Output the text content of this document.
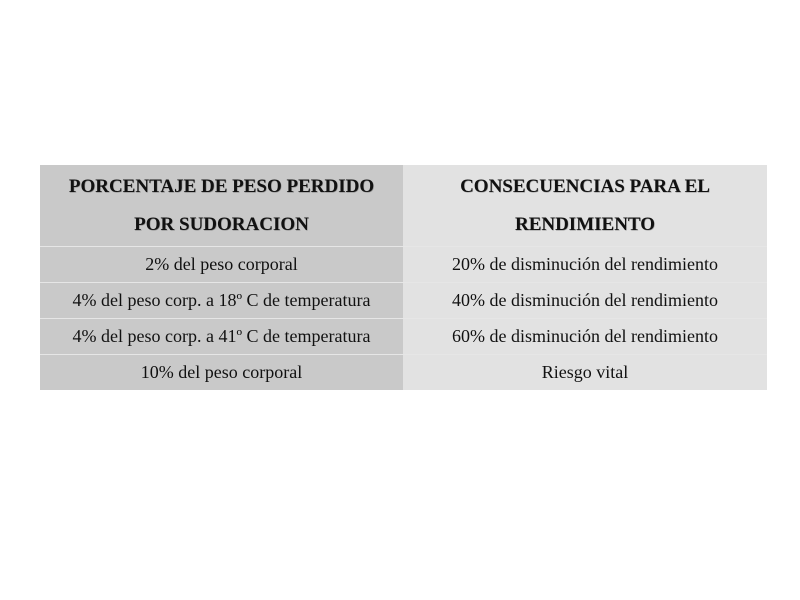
PORCENTAJE DE PESO PERDIDO POR SUDORACION	CONSECUENCIAS PARA EL RENDIMIENTO
2% del peso corporal	20% de disminución del rendimiento
4% del peso corp. a 18º C de temperatura	40% de disminución del rendimiento
4% del peso corp. a 41º C de temperatura	60% de disminución del rendimiento
10% del peso corporal	Riesgo vital
